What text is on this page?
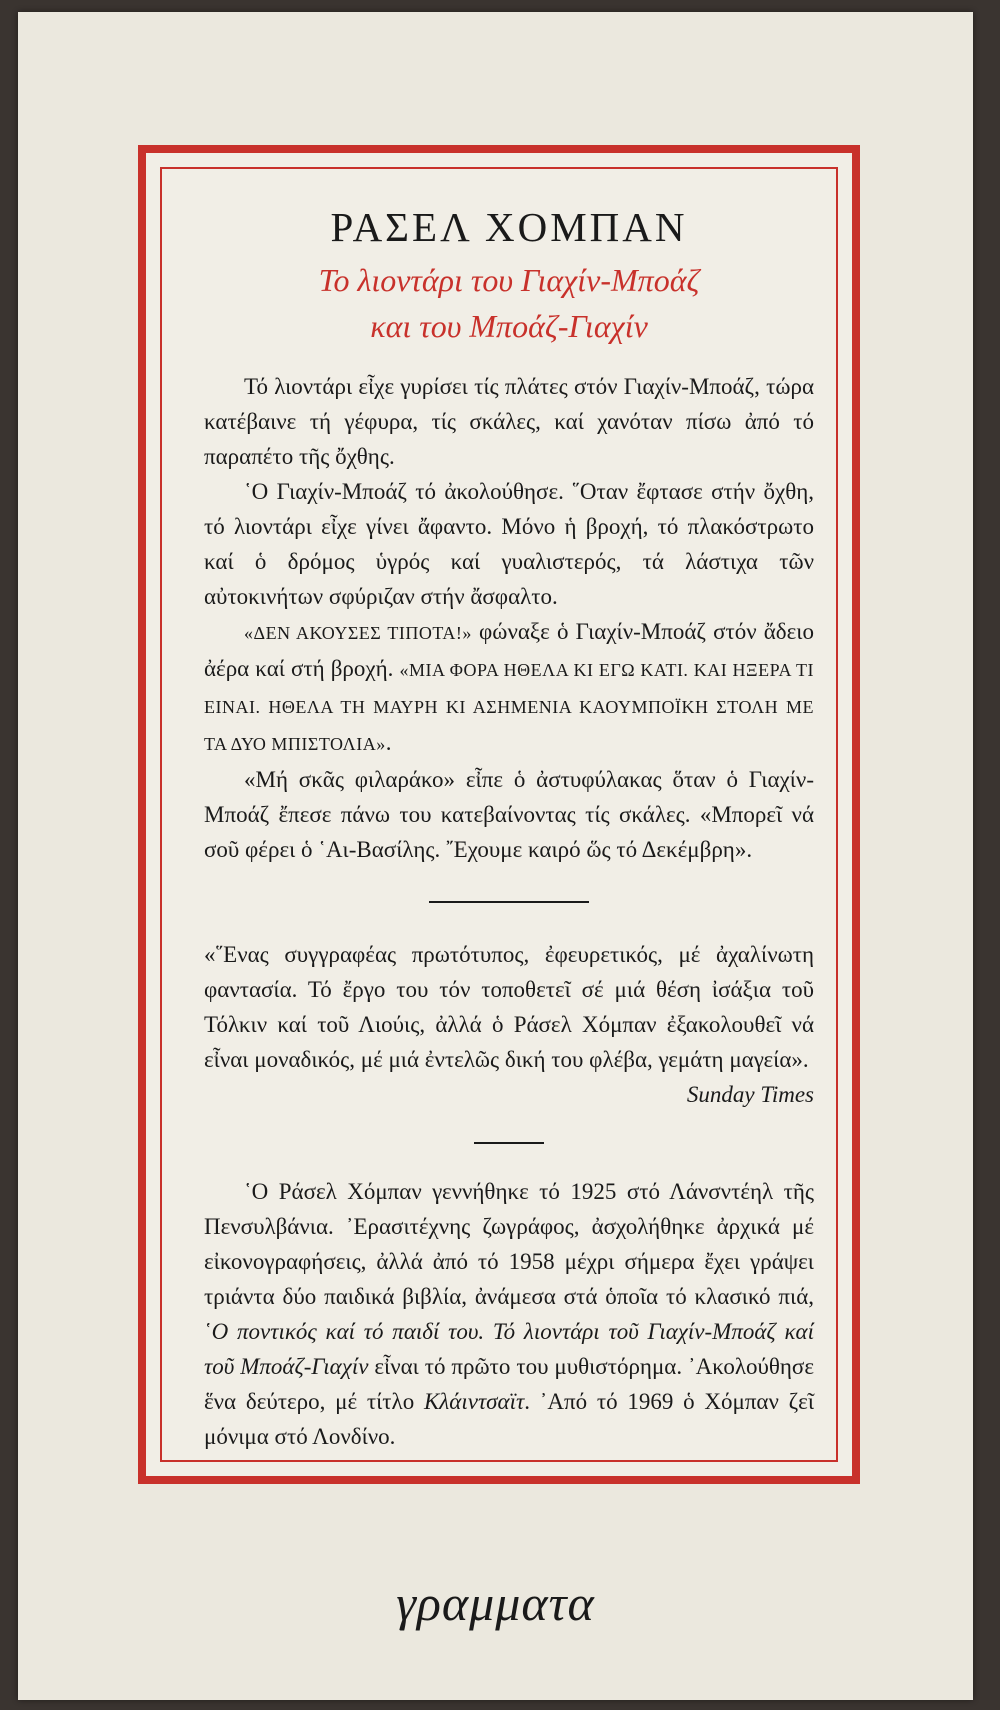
ΡΑΣΕΛ ΧΟΜΠΑΝ
Το λιοντάρι του Γιαχίν-Μποάζ
και του Μποάζ-Γιαχίν

Τό λιοντάρι εἶχε γυρίσει τίς πλάτες στόν Γιαχίν-Μποάζ, τώρα κατέβαινε τή γέφυρα, τίς σκάλες, καί χανόταν πίσω ἀπό τό παραπέτο τῆς ὄχθης.

῾Ο Γιαχίν-Μποάζ τό ἀκολούθησε. ῞Οταν ἔφτασε στήν ὄχθη, τό λιοντάρι εἶχε γίνει ἄφαντο. Μόνο ἡ βροχή, τό πλακόστρωτο καί ὁ δρόμος ὑγρός καί γυαλιστερός, τά λάστιχα τῶν αὐτοκινήτων σφύριζαν στήν ἄσφαλτο.

«ΔΕΝ ΑΚΟΥΣΕΣ ΤΙΠΟΤΑ!» φώναξε ὁ Γιαχίν-Μποάζ στόν ἄδειο ἀέρα καί στή βροχή. «ΜΙΑ ΦΟΡΑ ΗΘΕΛΑ ΚΙ ΕΓΩ ΚΑΤΙ. ΚΑΙ ΗΞΕΡΑ ΤΙ ΕΙΝΑΙ. ΗΘΕΛΑ ΤΗ ΜΑΥΡΗ ΚΙ ΑΣΗΜΕΝΙΑ ΚΑΟΥΜΠΟΪΚΗ ΣΤΟΛΗ ΜΕ ΤΑ ΔΥΟ ΜΠΙΣΤΟΛΙΑ».

«Μή σκᾶς φιλαράκο» εἶπε ὁ ἀστυφύλακας ὅταν ὁ Γιαχίν-Μποάζ ἔπεσε πάνω του κατεβαίνοντας τίς σκάλες. «Μπορεῖ νά σοῦ φέρει ὁ ῾Αι-Βασίλης. ῎Εχουμε καιρό ὥς τό Δεκέμβρη».

«῞Ενας συγγραφέας πρωτότυπος, ἐφευρετικός, μέ ἀχαλίνωτη φαντασία. Τό ἔργο του τόν τοποθετεῖ σέ μιά θέση ἰσάξια τοῦ Τόλκιν καί τοῦ Λιούις, ἀλλά ὁ Ράσελ Χόμπαν ἐξακολουθεῖ νά εἶναι μοναδικός, μέ μιά ἐντελῶς δική του φλέβα, γεμάτη μαγεία».

Sunday Times

῾Ο Ράσελ Χόμπαν γεννήθηκε τό 1925 στό Λάνσντέηλ τῆς Πενσυλβάνια. ᾿Ερασιτέχνης ζωγράφος, ἀσχολήθηκε ἀρχικά μέ εἰκονογραφήσεις, ἀλλά ἀπό τό 1958 μέχρι σήμερα ἔχει γράψει τριάντα δύο παιδικά βιβλία, ἀνάμεσα στά ὁποῖα τό κλασικό πιά, ῾Ο ποντικός καί τό παιδί του. Τό λιοντάρι τοῦ Γιαχίν-Μποάζ καί τοῦ Μποάζ-Γιαχίν εἶναι τό πρῶτο του μυθιστόρημα. ᾿Ακολούθησε ἕνα δεύτερο, μέ τίτλο Κλάιντσαϊτ. ᾿Από τό 1969 ὁ Χόμπαν ζεῖ μόνιμα στό Λονδίνο.

γραμματα
